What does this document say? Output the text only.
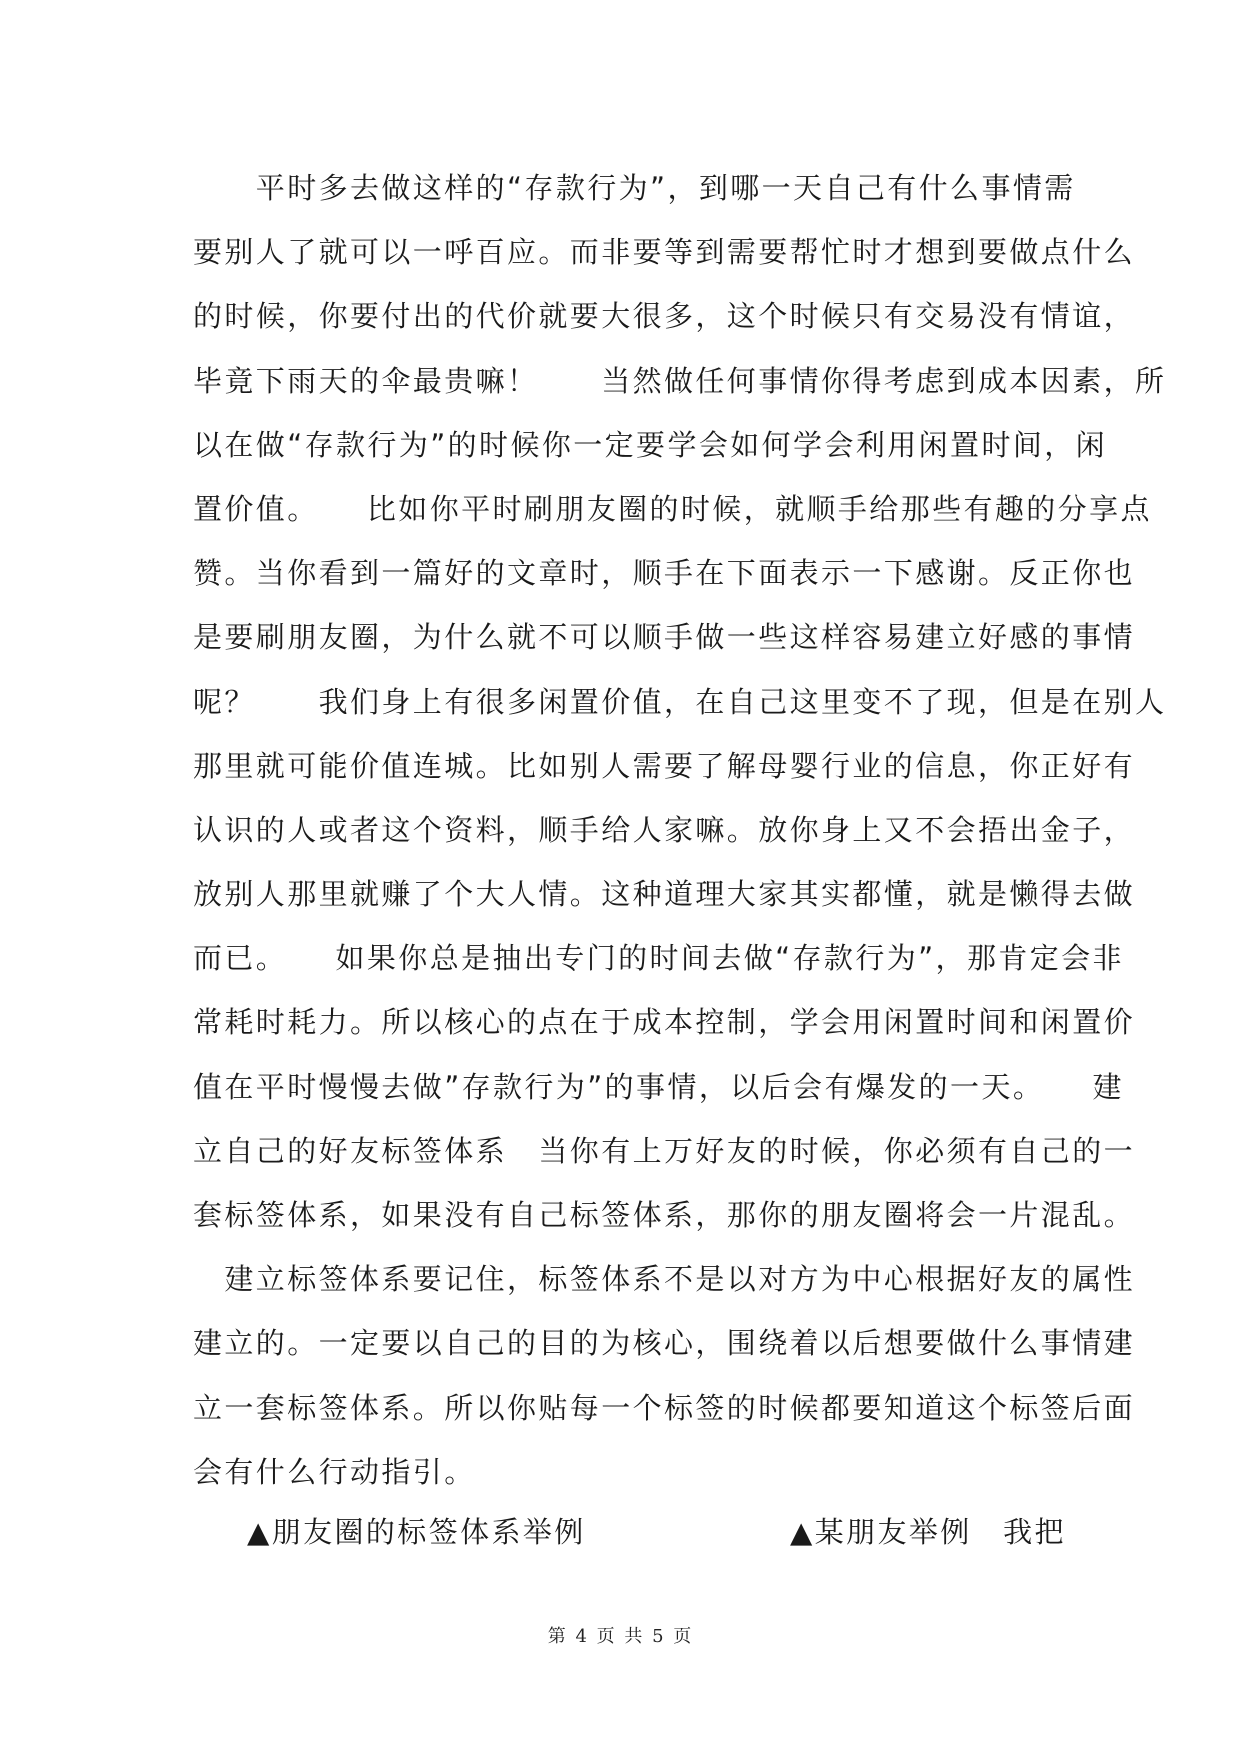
　　平时多去做这样的“存款行为”，到哪一天自己有什么事情需
要别人了就可以一呼百应。而非要等到需要帮忙时才想到要做点什么
的时候，你要付出的代价就要大很多，这个时候只有交易没有情谊，
毕竟下雨天的伞最贵嘛！　　当然做任何事情你得考虑到成本因素，所
以在做“存款行为”的时候你一定要学会如何学会利用闲置时间，闲
置价值。　　比如你平时刷朋友圈的时候，就顺手给那些有趣的分享点
赞。当你看到一篇好的文章时，顺手在下面表示一下感谢。反正你也
是要刷朋友圈，为什么就不可以顺手做一些这样容易建立好感的事情
呢？　　我们身上有很多闲置价值，在自己这里变不了现，但是在别人
那里就可能价值连城。比如别人需要了解母婴行业的信息，你正好有
认识的人或者这个资料，顺手给人家嘛。放你身上又不会捂出金子，
放别人那里就赚了个大人情。这种道理大家其实都懂，就是懒得去做
而已。　　如果你总是抽出专门的时间去做“存款行为”，那肯定会非
常耗时耗力。所以核心的点在于成本控制，学会用闲置时间和闲置价
值在平时慢慢去做”存款行为”的事情，以后会有爆发的一天。　　建
立自己的好友标签体系　当你有上万好友的时候，你必须有自己的一
套标签体系，如果没有自己标签体系，那你的朋友圈将会一片混乱。
　建立标签体系要记住，标签体系不是以对方为中心根据好友的属性
建立的。一定要以自己的目的为核心，围绕着以后想要做什么事情建
立一套标签体系。所以你贴每一个标签的时候都要知道这个标签后面
会有什么行动指引。
▲朋友圈的标签体系举例	▲某朋友举例　我把
第 4 页 共 5 页
